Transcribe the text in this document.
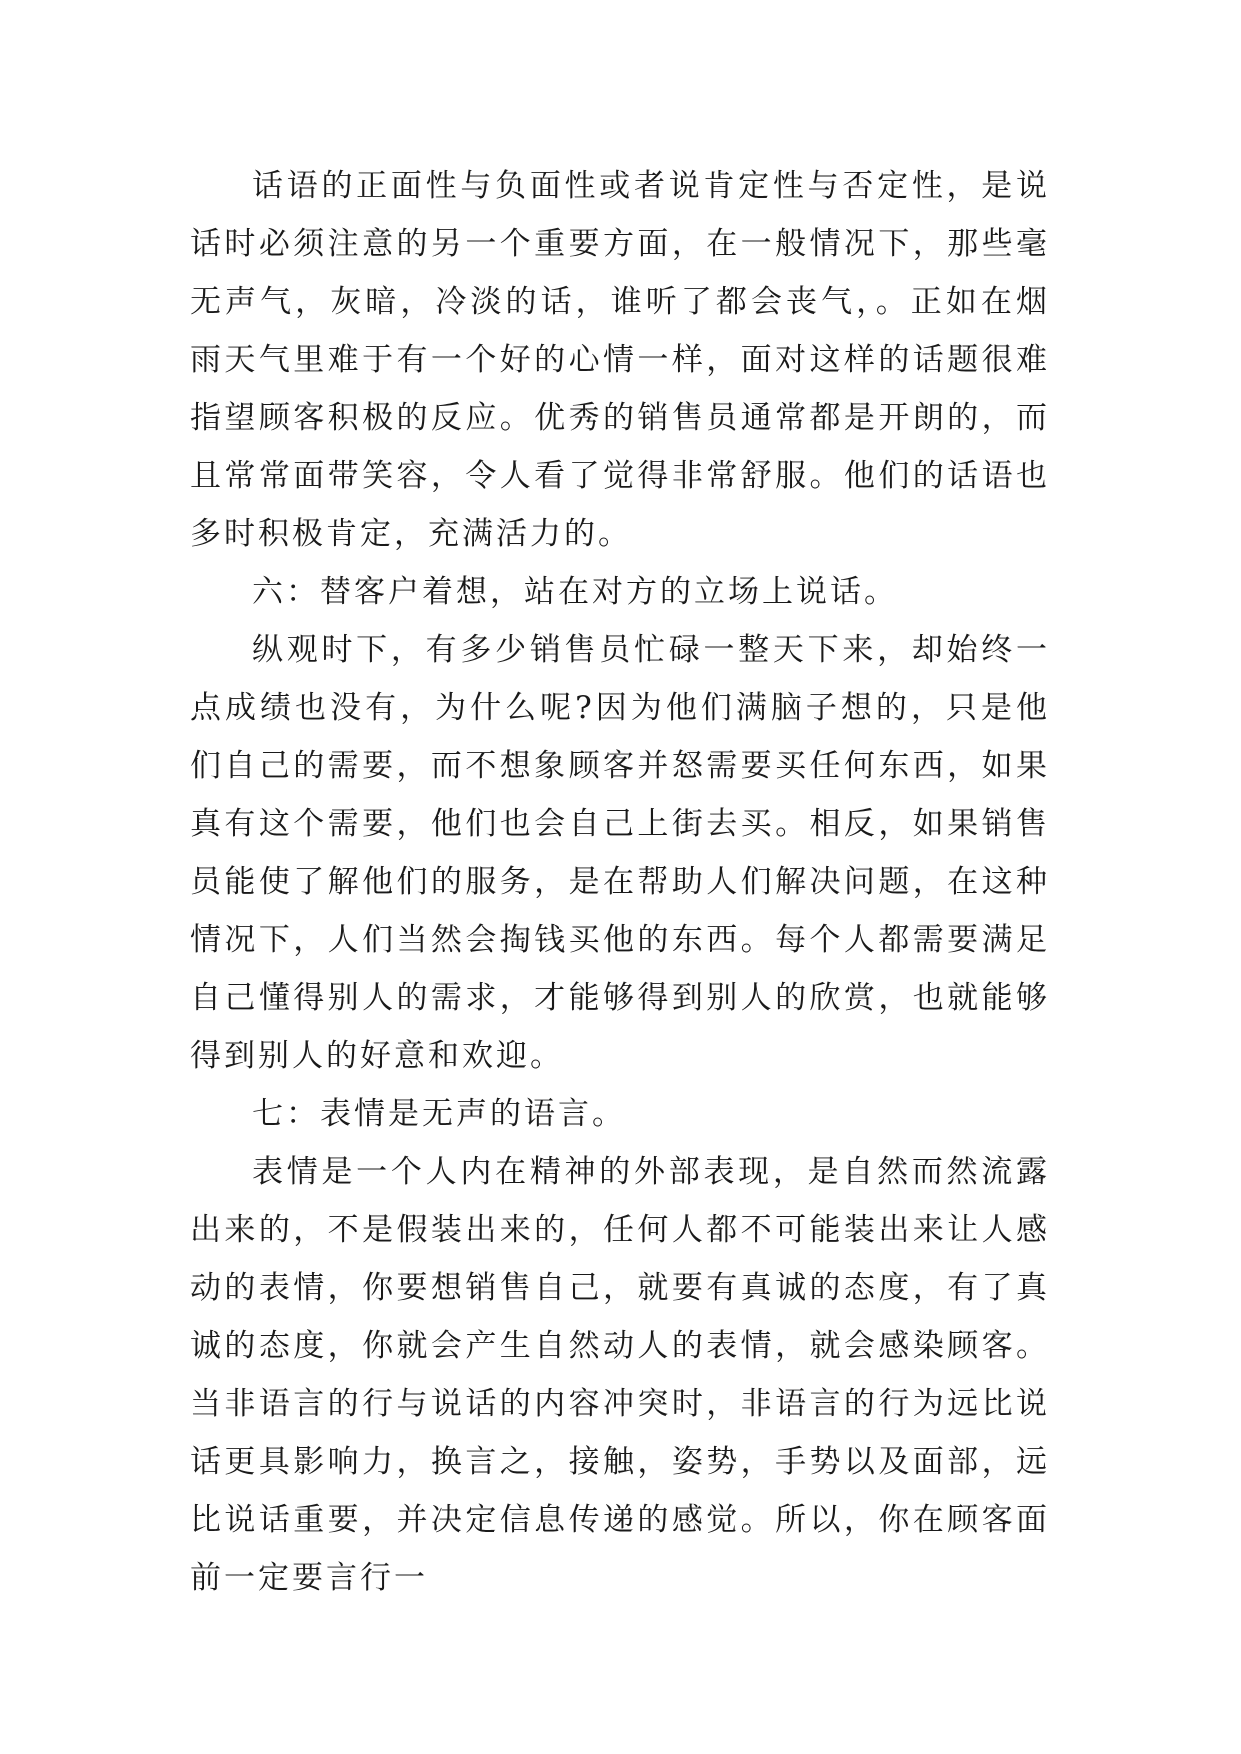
话语的正面性与负面性或者说肯定性与否定性，是说话时必须注意的另一个重要方面，在一般情况下，那些毫无声气，灰暗，冷淡的话，谁听了都会丧气，。正如在烟雨天气里难于有一个好的心情一样，面对这样的话题很难指望顾客积极的反应。优秀的销售员通常都是开朗的，而且常常面带笑容，令人看了觉得非常舒服。他们的话语也多时积极肯定，充满活力的。

六：替客户着想，站在对方的立场上说话。

纵观时下，有多少销售员忙碌一整天下来，却始终一点成绩也没有，为什么呢?因为他们满脑子想的，只是他们自己的需要，而不想象顾客并怒需要买任何东西，如果真有这个需要，他们也会自己上街去买。相反，如果销售员能使了解他们的服务，是在帮助人们解决问题，在这种情况下，人们当然会掏钱买他的东西。每个人都需要满足自己懂得别人的需求，才能够得到别人的欣赏，也就能够得到别人的好意和欢迎。

七：表情是无声的语言。

表情是一个人内在精神的外部表现，是自然而然流露出来的，不是假装出来的，任何人都不可能装出来让人感动的表情，你要想销售自己，就要有真诚的态度，有了真诚的态度，你就会产生自然动人的表情，就会感染顾客。当非语言的行与说话的内容冲突时，非语言的行为远比说话更具影响力，换言之，接触，姿势，手势以及面部，远比说话重要，并决定信息传递的感觉。所以，你在顾客面前一定要言行一
